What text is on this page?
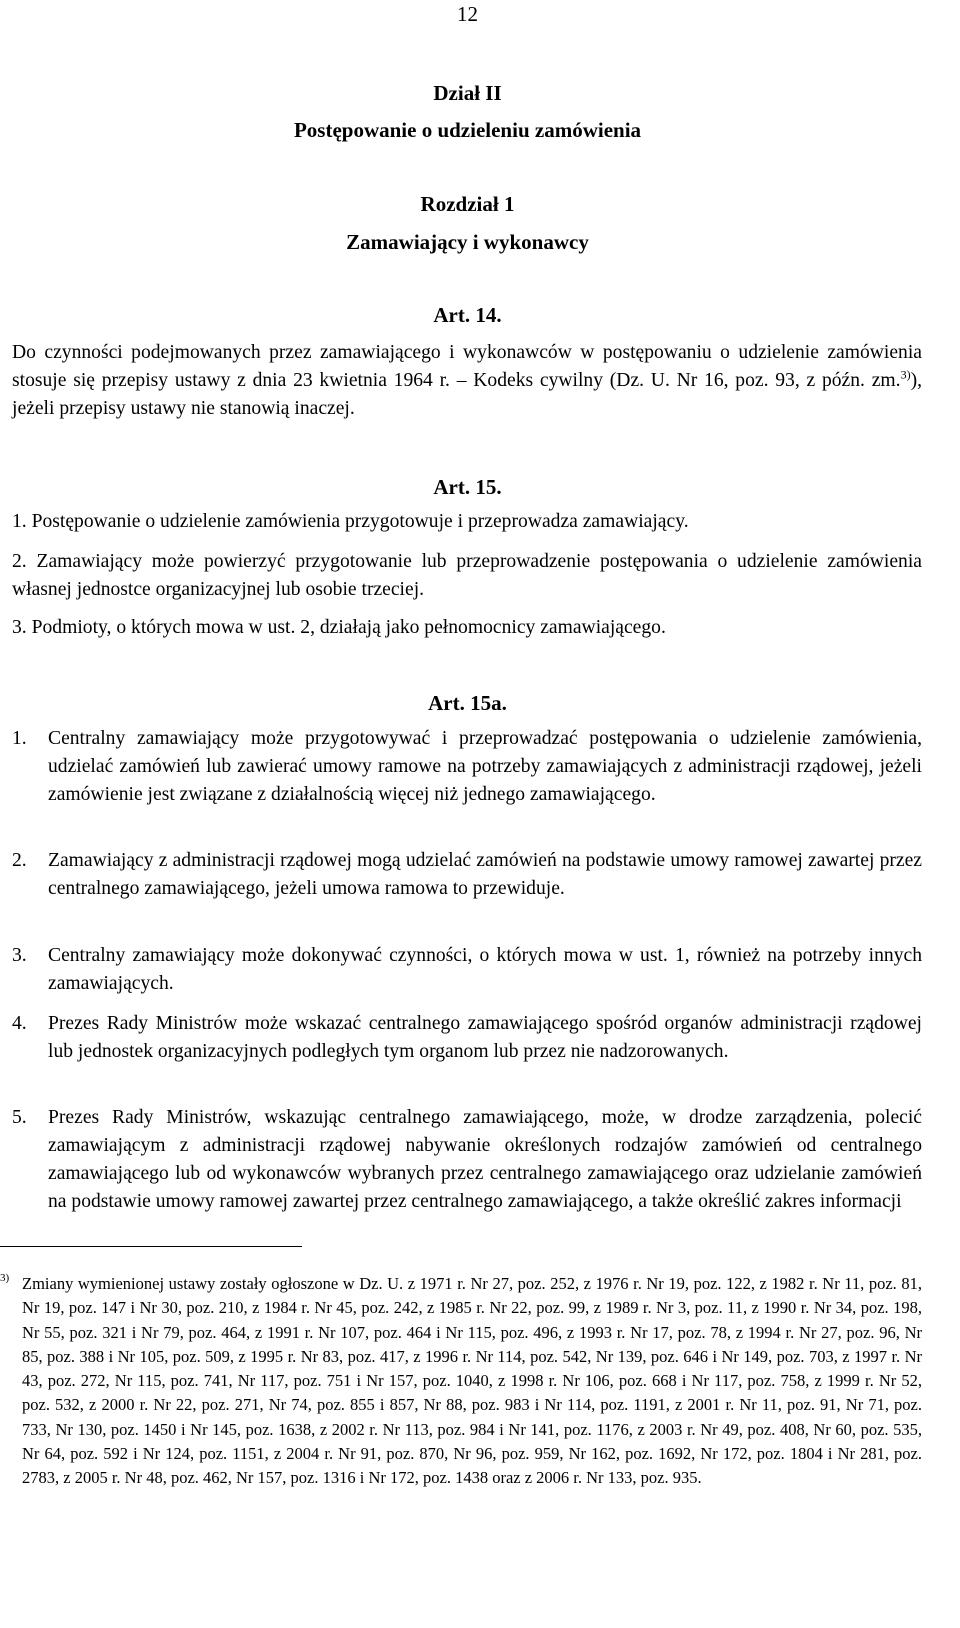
12
Dział II
Postępowanie o udzieleniu zamówienia
Rozdział 1
Zamawiający i wykonawcy
Art. 14.
Do czynności podejmowanych przez zamawiającego i wykonawców w postępowaniu o udzielenie zamówienia stosuje się przepisy ustawy z dnia 23 kwietnia 1964 r. – Kodeks cywilny (Dz. U. Nr 16, poz. 93, z późn. zm.$^{3)}$), jeżeli przepisy ustawy nie stanowią inaczej.
Art. 15.
1. Postępowanie o udzielenie zamówienia przygotowuje i przeprowadza zamawiający.
2. Zamawiający może powierzyć przygotowanie lub przeprowadzenie postępowania o udzielenie zamówienia własnej jednostce organizacyjnej lub osobie trzeciej.
3. Podmioty, o których mowa w ust. 2, działają jako pełnomocnicy zamawiającego.
Art. 15a.
1.	Centralny zamawiający może przygotowywać i przeprowadzać postępowania o udzielenie zamówienia, udzielać zamówień lub zawierać umowy ramowe na potrzeby zamawiających z administracji rządowej, jeżeli zamówienie jest związane z działalnością więcej niż jednego zamawiającego.
2.	Zamawiający z administracji rządowej mogą udzielać zamówień na podstawie umowy ramowej zawartej przez centralnego zamawiającego, jeżeli umowa ramowa to przewiduje.
3.	Centralny zamawiający może dokonywać czynności, o których mowa w ust. 1, również na potrzeby innych zamawiających.
4.	Prezes Rady Ministrów może wskazać centralnego zamawiającego spośród organów administracji rządowej lub jednostek organizacyjnych podległych tym organom lub przez nie nadzorowanych.
5.	Prezes Rady Ministrów, wskazując centralnego zamawiającego, może, w drodze zarządzenia, polecić zamawiającym z administracji rządowej nabywanie określonych rodzajów zamówień od centralnego zamawiającego lub od wykonawców wybranych przez centralnego zamawiającego oraz udzielanie zamówień na podstawie umowy ramowej zawartej przez centralnego zamawiającego, a także określić zakres informacji
3) Zmiany wymienionej ustawy zostały ogłoszone w Dz. U. z 1971 r. Nr 27, poz. 252, z 1976 r. Nr 19, poz. 122, z 1982 r. Nr 11, poz. 81, Nr 19, poz. 147 i Nr 30, poz. 210, z 1984 r. Nr 45, poz. 242, z 1985 r. Nr 22, poz. 99, z 1989 r. Nr 3, poz. 11, z 1990 r. Nr 34, poz. 198, Nr 55, poz. 321 i Nr 79, poz. 464, z 1991 r. Nr 107, poz. 464 i Nr 115, poz. 496, z 1993 r. Nr 17, poz. 78, z 1994 r. Nr 27, poz. 96, Nr 85, poz. 388 i Nr 105, poz. 509, z 1995 r. Nr 83, poz. 417, z 1996 r. Nr 114, poz. 542, Nr 139, poz. 646 i Nr 149, poz. 703, z 1997 r. Nr 43, poz. 272, Nr 115, poz. 741, Nr 117, poz. 751 i Nr 157, poz. 1040, z 1998 r. Nr 106, poz. 668 i Nr 117, poz. 758, z 1999 r. Nr 52, poz. 532, z 2000 r. Nr 22, poz. 271, Nr 74, poz. 855 i 857, Nr 88, poz. 983 i Nr 114, poz. 1191, z 2001 r. Nr 11, poz. 91, Nr 71, poz. 733, Nr 130, poz. 1450 i Nr 145, poz. 1638, z 2002 r. Nr 113, poz. 984 i Nr 141, poz. 1176, z 2003 r. Nr 49, poz. 408, Nr 60, poz. 535, Nr 64, poz. 592 i Nr 124, poz. 1151, z 2004 r. Nr 91, poz. 870, Nr 96, poz. 959, Nr 162, poz. 1692, Nr 172, poz. 1804 i Nr 281, poz. 2783, z 2005 r. Nr 48, poz. 462, Nr 157, poz. 1316 i Nr 172, poz. 1438 oraz z 2006 r. Nr 133, poz. 935.
